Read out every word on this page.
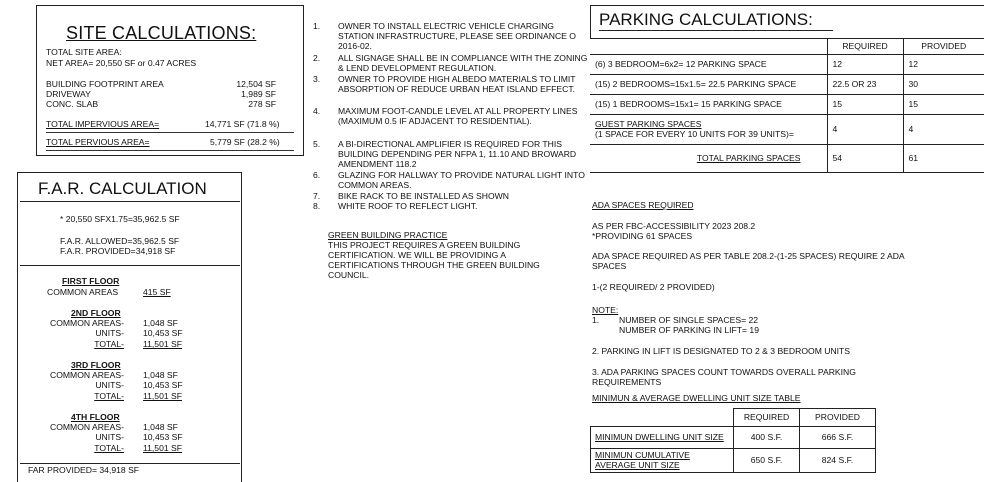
SITE CALCULATIONS:
TOTAL SITE AREA:
NET AREA= 20,550 SF or 0.47 ACRES
BUILDING FOOTPRINT AREA	12,504 SF
DRIVEWAY	1,989 SF
CONC. SLAB	278 SF
TOTAL IMPERVIOUS AREA=	14,771 SF (71.8 %)
TOTAL PERVIOUS AREA=	5,779 SF (28.2 %)
F.A.R. CALCULATION
* 20,550 SFX1.75=35,962.5 SF
F.A.R. ALLOWED=35,962.5 SF
F.A.R. PROVIDED=34,918 SF
FIRST FLOOR
COMMON AREAS	415 SF
2ND FLOOR
COMMON AREAS- 1,048 SF
UNITS- 10,453 SF
TOTAL- 11,501 SF
3RD FLOOR
COMMON AREAS- 1,048 SF
UNITS- 10,453 SF
TOTAL- 11,501 SF
4TH FLOOR
COMMON AREAS- 1,048 SF
UNITS- 10,453 SF
TOTAL- 11,501 SF
FAR PROVIDED= 34,918 SF
1. OWNER TO INSTALL ELECTRIC VEHICLE CHARGING STATION INFRASTRUCTURE, PLEASE SEE ORDINANCE O 2016-02.
2. ALL SIGNAGE SHALL BE IN COMPLIANCE WITH THE ZONING & LEND DEVELOPMENT REGULATION.
3. OWNER TO PROVIDE HIGH ALBEDO MATERIALS TO LIMIT ABSORPTION OF REDUCE URBAN HEAT ISLAND EFFECT.
4. MAXIMUM FOOT-CANDLE LEVEL AT ALL PROPERTY LINES (MAXIMUM 0.5 IF ADJACENT TO RESIDENTIAL).
5. A BI-DIRECTIONAL AMPLIFIER IS REQUIRED FOR THIS BUILDING DEPENDING PER NFPA 1, 11.10 AND BROWARD AMENDMENT 118.2
6. GLAZING FOR HALLWAY TO PROVIDE NATURAL LIGHT INTO COMMON AREAS.
7. BIKE RACK TO BE INSTALLED AS SHOWN
8. WHITE ROOF TO REFLECT LIGHT.
GREEN BUILDING PRACTICE
THIS PROJECT REQUIRES A GREEN BUILDING
CERTIFICATION. WE WILL BE PROVIDING A
CERTIFICATIONS THROUGH THE GREEN BUILDING
COUNCIL.
PARKING CALCULATIONS:
	REQUIRED	PROVIDED
(6) 3 BEDROOM=6x2= 12 PARKING SPACE	12	12
(15) 2 BEDROOMS=15x1.5= 22.5 PARKING SPACE	22.5 OR 23	30
(15) 1 BEDROOMS=15x1= 15 PARKING SPACE	15	15

GUEST PARKING SPACES
(1 SPACE FOR EVERY 10 UNITS FOR 39 UNITS)=	4	4
TOTAL PARKING SPACES	54	61
ADA SPACES REQUIRED
AS PER FBC-ACCESSIBILITY 2023 208.2
*PROVIDING 61 SPACES
ADA SPACE REQUIRED AS PER TABLE 208.2-(1-25 SPACES) REQUIRE 2 ADA
SPACES
1-(2 REQUIRED/ 2 PROVIDED)
NOTE:
1. NUMBER OF SINGLE SPACES= 22
NUMBER OF PARKING IN LIFT= 19
2. PARKING IN LIFT IS DESIGNATED TO 2 & 3 BEDROOM UNITS
3. ADA PARKING SPACES COUNT TOWARDS OVERALL PARKING
REQUIREMENTS
MINIMUN & AVERAGE DWELLING UNIT SIZE TABLE
	REQUIRED	PROVIDED
MINIMUN DWELLING UNIT SIZE	400 S.F.	666 S.F.

MINIMUN CUMULATIVE
AVERAGE UNIT SIZE	650 S.F.	824 S.F.
